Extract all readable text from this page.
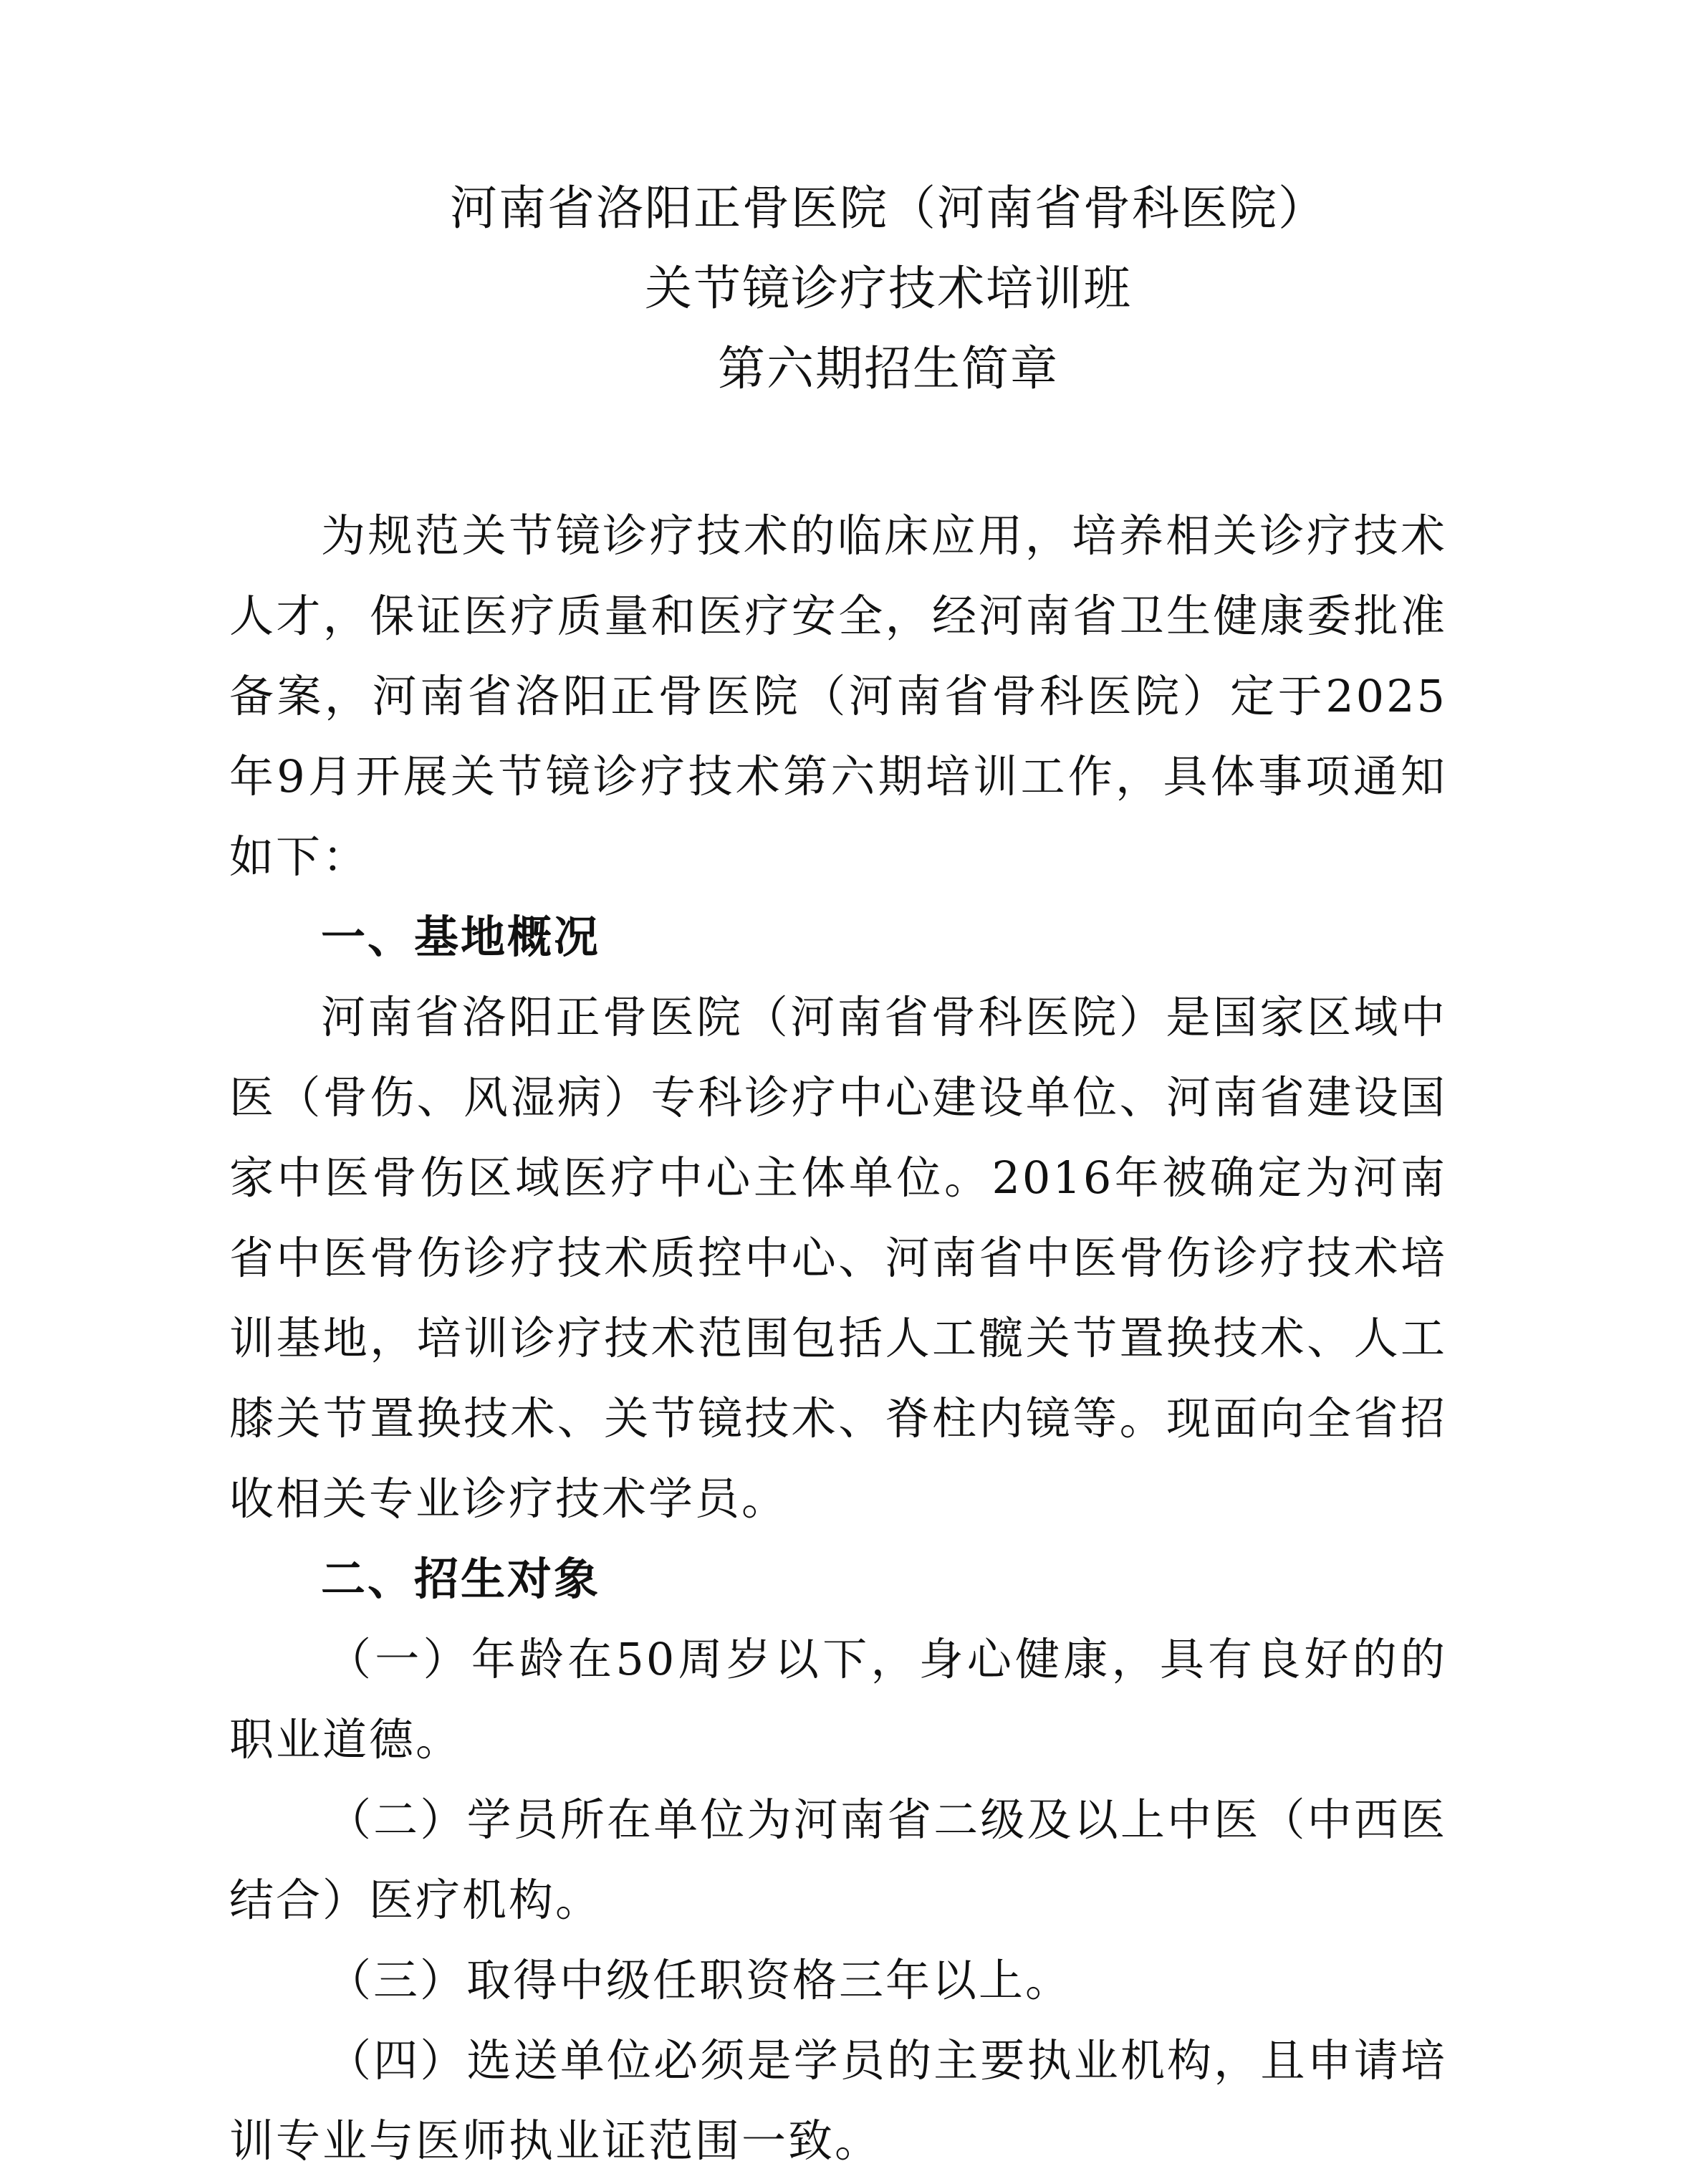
河南省洛阳正骨医院（河南省骨科医院）
关节镜诊疗技术培训班
第六期招生简章

为规范关节镜诊疗技术的临床应用，培养相关诊疗技术人才，保证医疗质量和医疗安全，经河南省卫生健康委批准备案，河南省洛阳正骨医院（河南省骨科医院）定于2025年9月开展关节镜诊疗技术第六期培训工作，具体事项通知如下：

一、基地概况

河南省洛阳正骨医院（河南省骨科医院）是国家区域中医（骨伤、风湿病）专科诊疗中心建设单位、河南省建设国家中医骨伤区域医疗中心主体单位。2016年被确定为河南省中医骨伤诊疗技术质控中心、河南省中医骨伤诊疗技术培训基地，培训诊疗技术范围包括人工髋关节置换技术、人工膝关节置换技术、关节镜技术、脊柱内镜等。现面向全省招收相关专业诊疗技术学员。

二、招生对象

（一）年龄在50周岁以下，身心健康，具有良好的的职业道德。

（二）学员所在单位为河南省二级及以上中医（中西医结合）医疗机构。

（三）取得中级任职资格三年以上。

（四）选送单位必须是学员的主要执业机构，且申请培训专业与医师执业证范围一致。
